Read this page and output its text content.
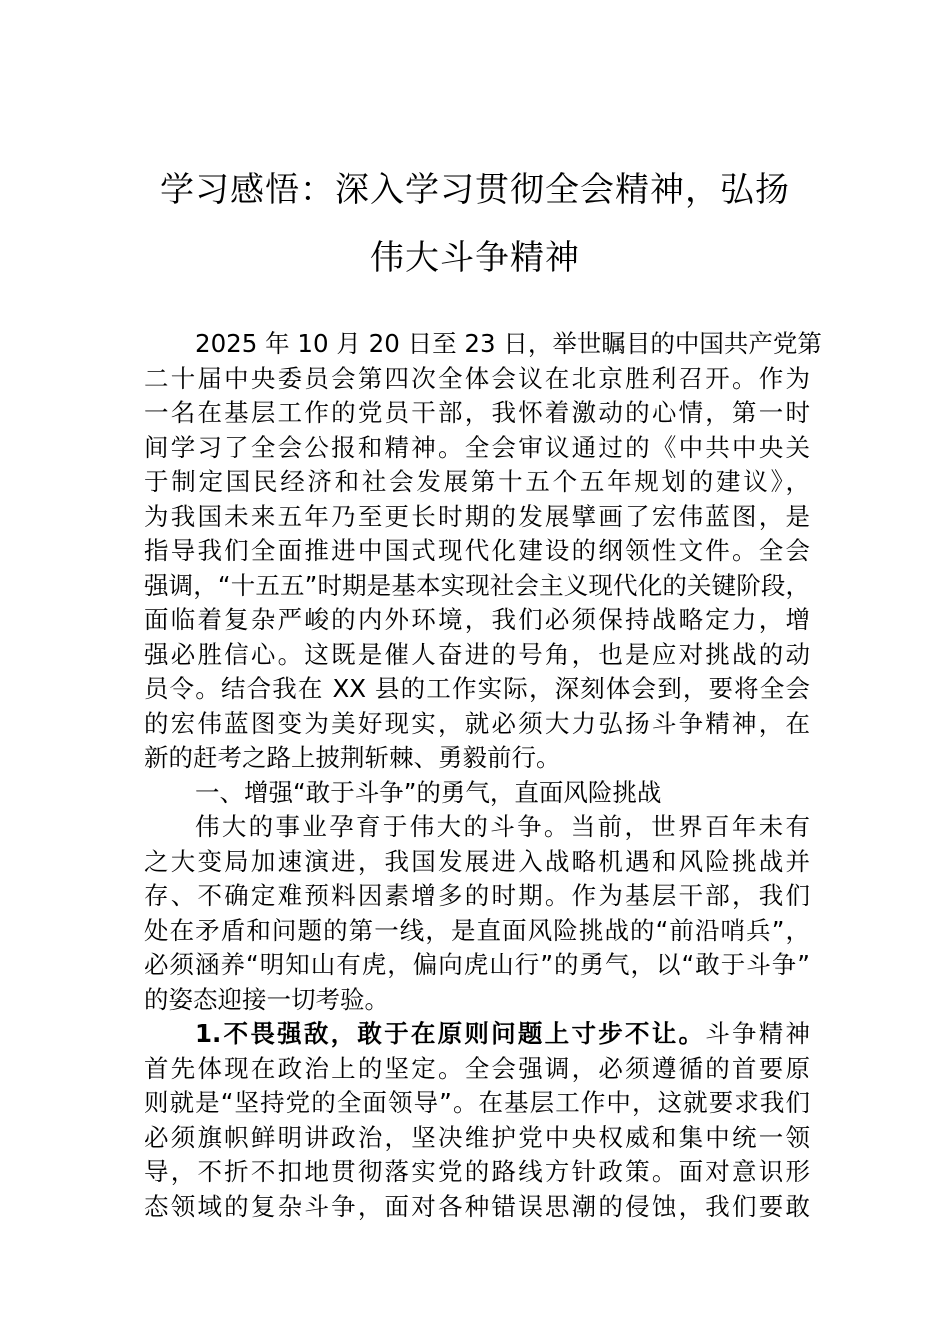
学习感悟：深入学习贯彻全会精神，弘扬
伟大斗争精神
2025 年 10 月 20 日至 23 日，举世瞩目的中国共产党第
二十届中央委员会第四次全体会议在北京胜利召开。作为
一名在基层工作的党员干部，我怀着激动的心情，第一时
间学习了全会公报和精神。全会审议通过的《中共中央关
于制定国民经济和社会发展第十五个五年规划的建议》，
为我国未来五年乃至更长时期的发展擘画了宏伟蓝图，是
指导我们全面推进中国式现代化建设的纲领性文件。全会
强调，“十五五”时期是基本实现社会主义现代化的关键阶段，
面临着复杂严峻的内外环境，我们必须保持战略定力，增
强必胜信心。这既是催人奋进的号角，也是应对挑战的动
员令。结合我在 XX 县的工作实际，深刻体会到，要将全会
的宏伟蓝图变为美好现实，就必须大力弘扬斗争精神，在
新的赶考之路上披荆斩棘、勇毅前行。
一、增强“敢于斗争”的勇气，直面风险挑战
伟大的事业孕育于伟大的斗争。当前，世界百年未有
之大变局加速演进，我国发展进入战略机遇和风险挑战并
存、不确定难预料因素增多的时期。作为基层干部，我们
处在矛盾和问题的第一线，是直面风险挑战的“前沿哨兵”，
必须涵养“明知山有虎，偏向虎山行”的勇气，以“敢于斗争”
的姿态迎接一切考验。
1.不畏强敌，敢于在原则问题上寸步不让。斗争精神
首先体现在政治上的坚定。全会强调，必须遵循的首要原
则就是“坚持党的全面领导”。在基层工作中，这就要求我们
必须旗帜鲜明讲政治，坚决维护党中央权威和集中统一领
导，不折不扣地贯彻落实党的路线方针政策。面对意识形
态领域的复杂斗争，面对各种错误思潮的侵蚀，我们要敢
